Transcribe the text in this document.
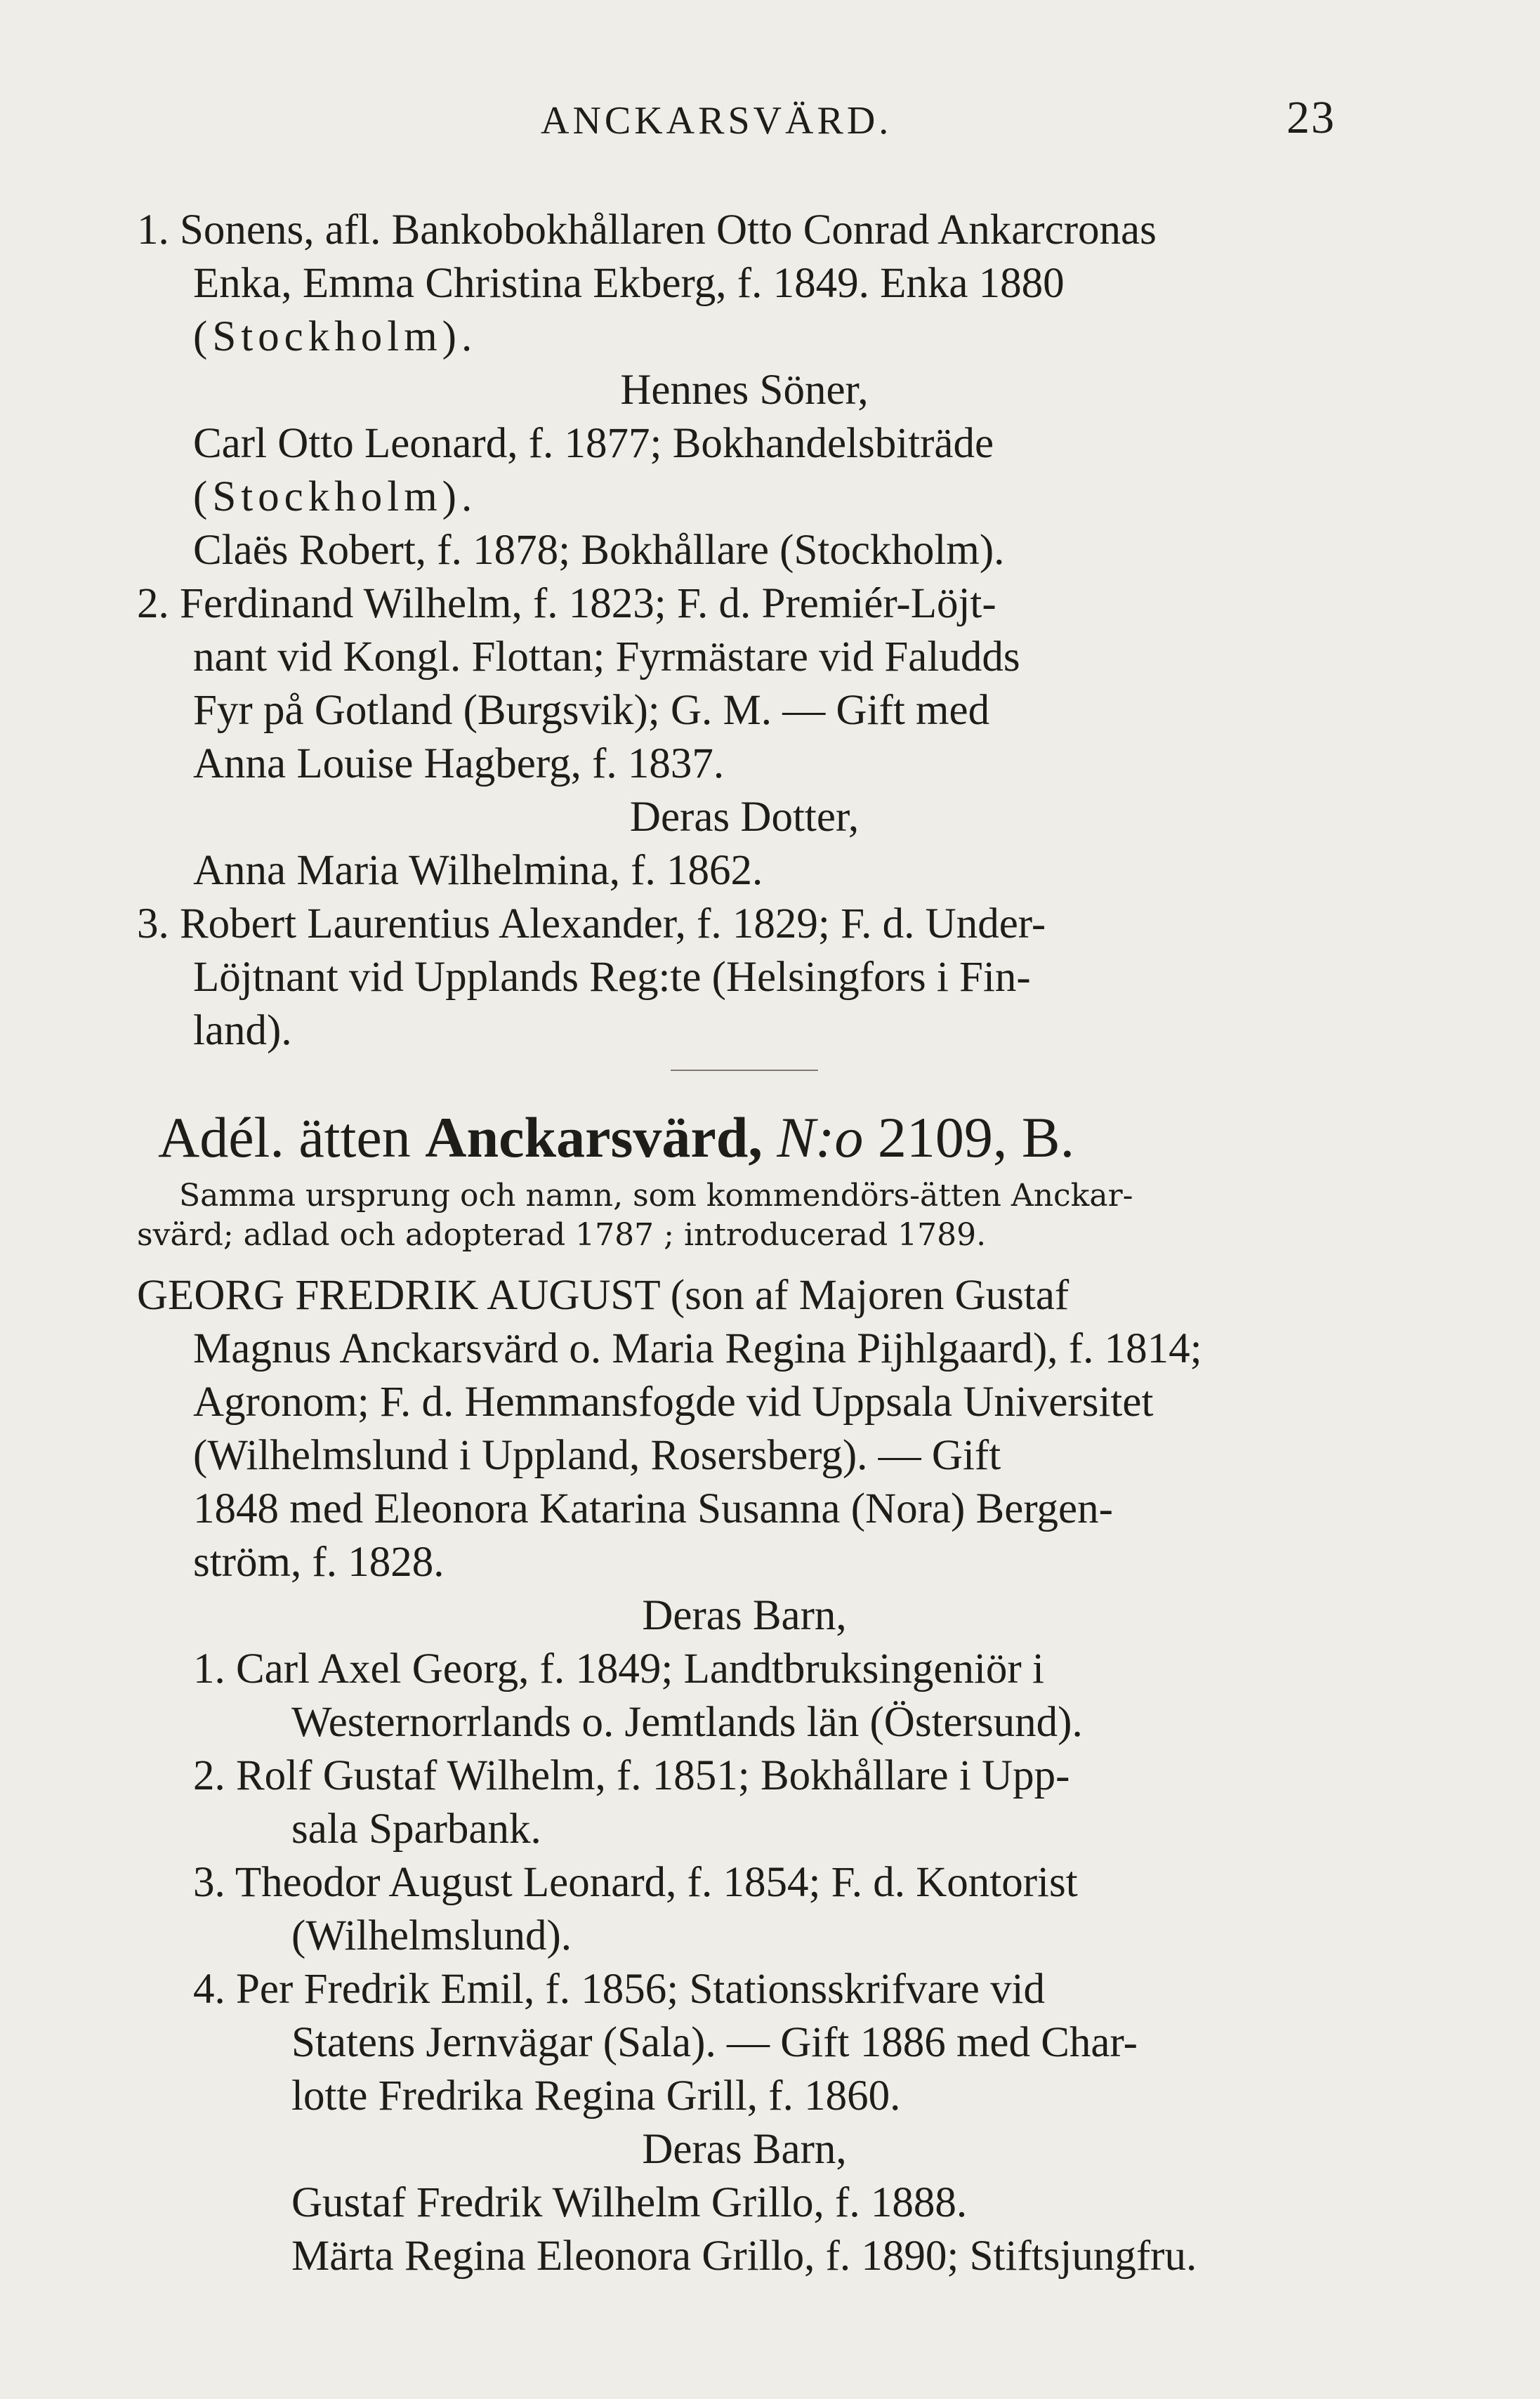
ANCKARSVÄRD.	23
1. Sonens, afl. Bankobokhållaren Otto Conrad Ankarcronas
Enka, Emma Christina Ekberg, f. 1849. Enka 1880
(Stockholm).
Hennes Söner,
Carl Otto Leonard, f. 1877; Bokhandelsbiträde
(Stockholm).
Claës Robert, f. 1878; Bokhållare (Stockholm).
2. Ferdinand Wilhelm, f. 1823; F. d. Premiér-Löjt-
nant vid Kongl. Flottan; Fyrmästare vid Faludds
Fyr på Gotland (Burgsvik); G. M. — Gift med
Anna Louise Hagberg, f. 1837.
Deras Dotter,
Anna Maria Wilhelmina, f. 1862.
3. Robert Laurentius Alexander, f. 1829; F. d. Under-
Löjtnant vid Upplands Reg:te (Helsingfors i Fin-
land).
Adél. ätten Anckarsvärd, N:o 2109, B.
Samma ursprung och namn, som kommendörs-ätten Anckar-
svärd; adlad och adopterad 1787 ; introducerad 1789.
GEORG FREDRIK AUGUST (son af Majoren Gustaf
Magnus Anckarsvärd o. Maria Regina Pijhlgaard), f. 1814;
Agronom; F. d. Hemmansfogde vid Uppsala Universitet
(Wilhelmslund i Uppland, Rosersberg). — Gift
1848 med Eleonora Katarina Susanna (Nora) Bergen-
ström, f. 1828.
Deras Barn,
1. Carl Axel Georg, f. 1849; Landtbruksingeniör i
Westernorrlands o. Jemtlands län (Östersund).
2. Rolf Gustaf Wilhelm, f. 1851; Bokhållare i Upp-
sala Sparbank.
3. Theodor August Leonard, f. 1854; F. d. Kontorist
(Wilhelmslund).
4. Per Fredrik Emil, f. 1856; Stationsskrifvare vid
Statens Jernvägar (Sala). — Gift 1886 med Char-
lotte Fredrika Regina Grill, f. 1860.
Deras Barn,
Gustaf Fredrik Wilhelm Grillo, f. 1888.
Märta Regina Eleonora Grillo, f. 1890; Stiftsjungfru.
